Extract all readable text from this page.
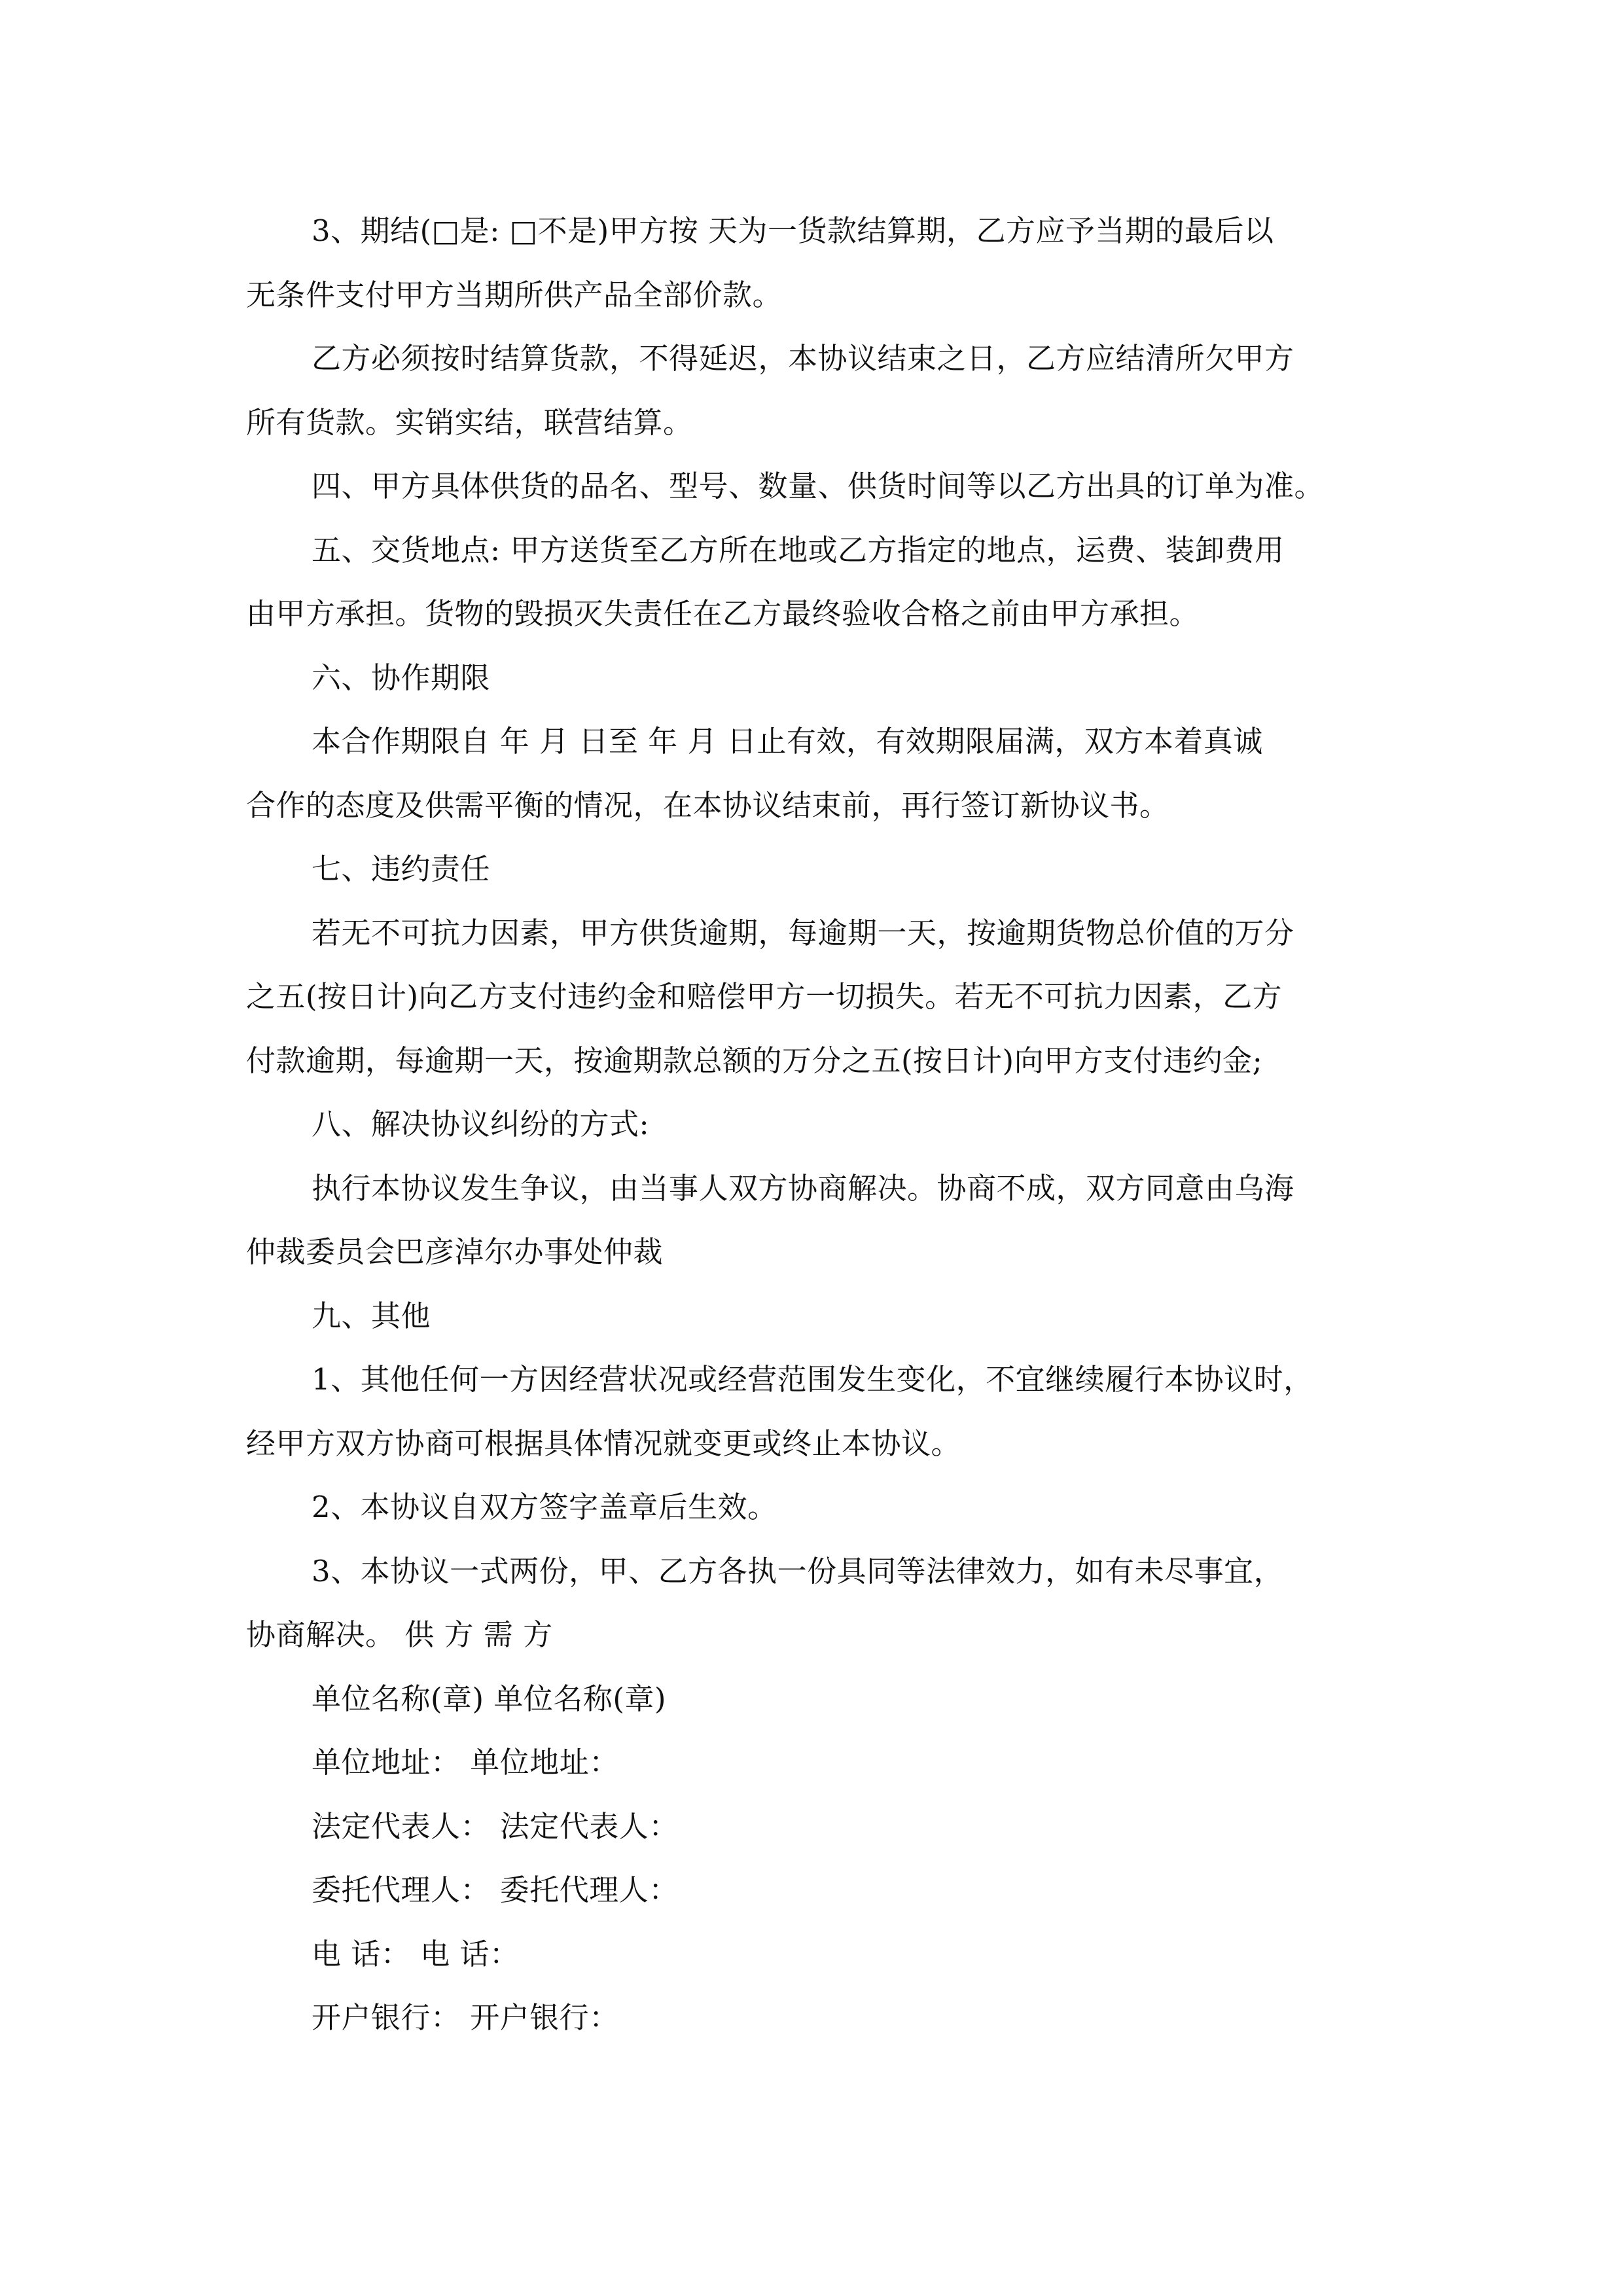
3、期结(□是: □不是)甲方按 天为一货款结算期，乙方应予当期的最后以
无条件支付甲方当期所供产品全部价款。
乙方必须按时结算货款，不得延迟，本协议结束之日，乙方应结清所欠甲方
所有货款。实销实结，联营结算。
四、甲方具体供货的品名、型号、数量、供货时间等以乙方出具的订单为准。
五、交货地点: 甲方送货至乙方所在地或乙方指定的地点，运费、装卸费用
由甲方承担。货物的毁损灭失责任在乙方最终验收合格之前由甲方承担。
六、协作期限
本合作期限自 年 月 日至 年 月 日止有效，有效期限届满，双方本着真诚
合作的态度及供需平衡的情况，在本协议结束前，再行签订新协议书。
七、违约责任
若无不可抗力因素，甲方供货逾期，每逾期一天，按逾期货物总价值的万分
之五(按日计)向乙方支付违约金和赔偿甲方一切损失。若无不可抗力因素，乙方
付款逾期，每逾期一天，按逾期款总额的万分之五(按日计)向甲方支付违约金;
八、解决协议纠纷的方式:
执行本协议发生争议，由当事人双方协商解决。协商不成，双方同意由乌海
仲裁委员会巴彦淖尔办事处仲裁
九、其他
1、其他任何一方因经营状况或经营范围发生变化，不宜继续履行本协议时，
经甲方双方协商可根据具体情况就变更或终止本协议。
2、本协议自双方签字盖章后生效。
3、本协议一式两份，甲、乙方各执一份具同等法律效力，如有未尽事宜，
协商解决。 供 方 需 方
单位名称(章) 单位名称(章)
单位地址： 单位地址：
法定代表人： 法定代表人：
委托代理人： 委托代理人：
电 话： 电 话：
开户银行： 开户银行：
